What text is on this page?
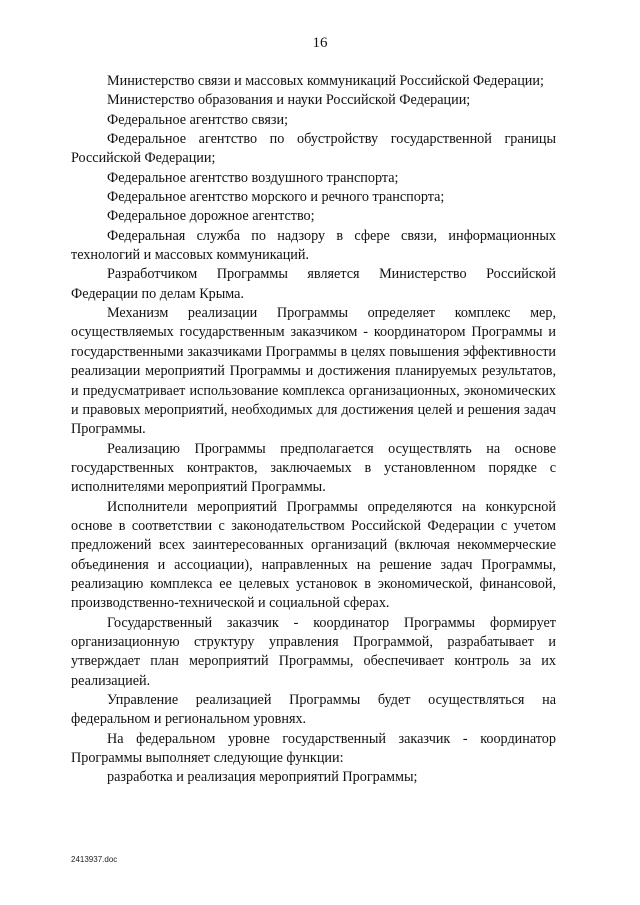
16

Министерство связи и массовых коммуникаций Российской Федерации;

Министерство образования и науки Российской Федерации;

Федеральное агентство связи;

Федеральное агентство по обустройству государственной границы Российской Федерации;

Федеральное агентство воздушного транспорта;

Федеральное агентство морского и речного транспорта;

Федеральное дорожное агентство;

Федеральная служба по надзору в сфере связи, информационных технологий и массовых коммуникаций.

Разработчиком Программы является Министерство Российской Федерации по делам Крыма.

Механизм реализации Программы определяет комплекс мер, осуществляемых государственным заказчиком - координатором Программы и государственными заказчиками Программы в целях повышения эффективности реализации мероприятий Программы и достижения планируемых результатов, и предусматривает использование комплекса организационных, экономических и правовых мероприятий, необходимых для достижения целей и решения задач Программы.

Реализацию Программы предполагается осуществлять на основе государственных контрактов, заключаемых в установленном порядке с исполнителями мероприятий Программы.

Исполнители мероприятий Программы определяются на конкурсной основе в соответствии с законодательством Российской Федерации с учетом предложений всех заинтересованных организаций (включая некоммерческие объединения и ассоциации), направленных на решение задач Программы, реализацию комплекса ее целевых установок в экономической, финансовой, производственно-технической и социальной сферах.

Государственный заказчик - координатор Программы формирует организационную структуру управления Программой, разрабатывает и утверждает план мероприятий Программы, обеспечивает контроль за их реализацией.

Управление реализацией Программы будет осуществляться на федеральном и региональном уровнях.

На федеральном уровне государственный заказчик - координатор Программы выполняет следующие функции:

разработка и реализация мероприятий Программы;

2413937.doc
